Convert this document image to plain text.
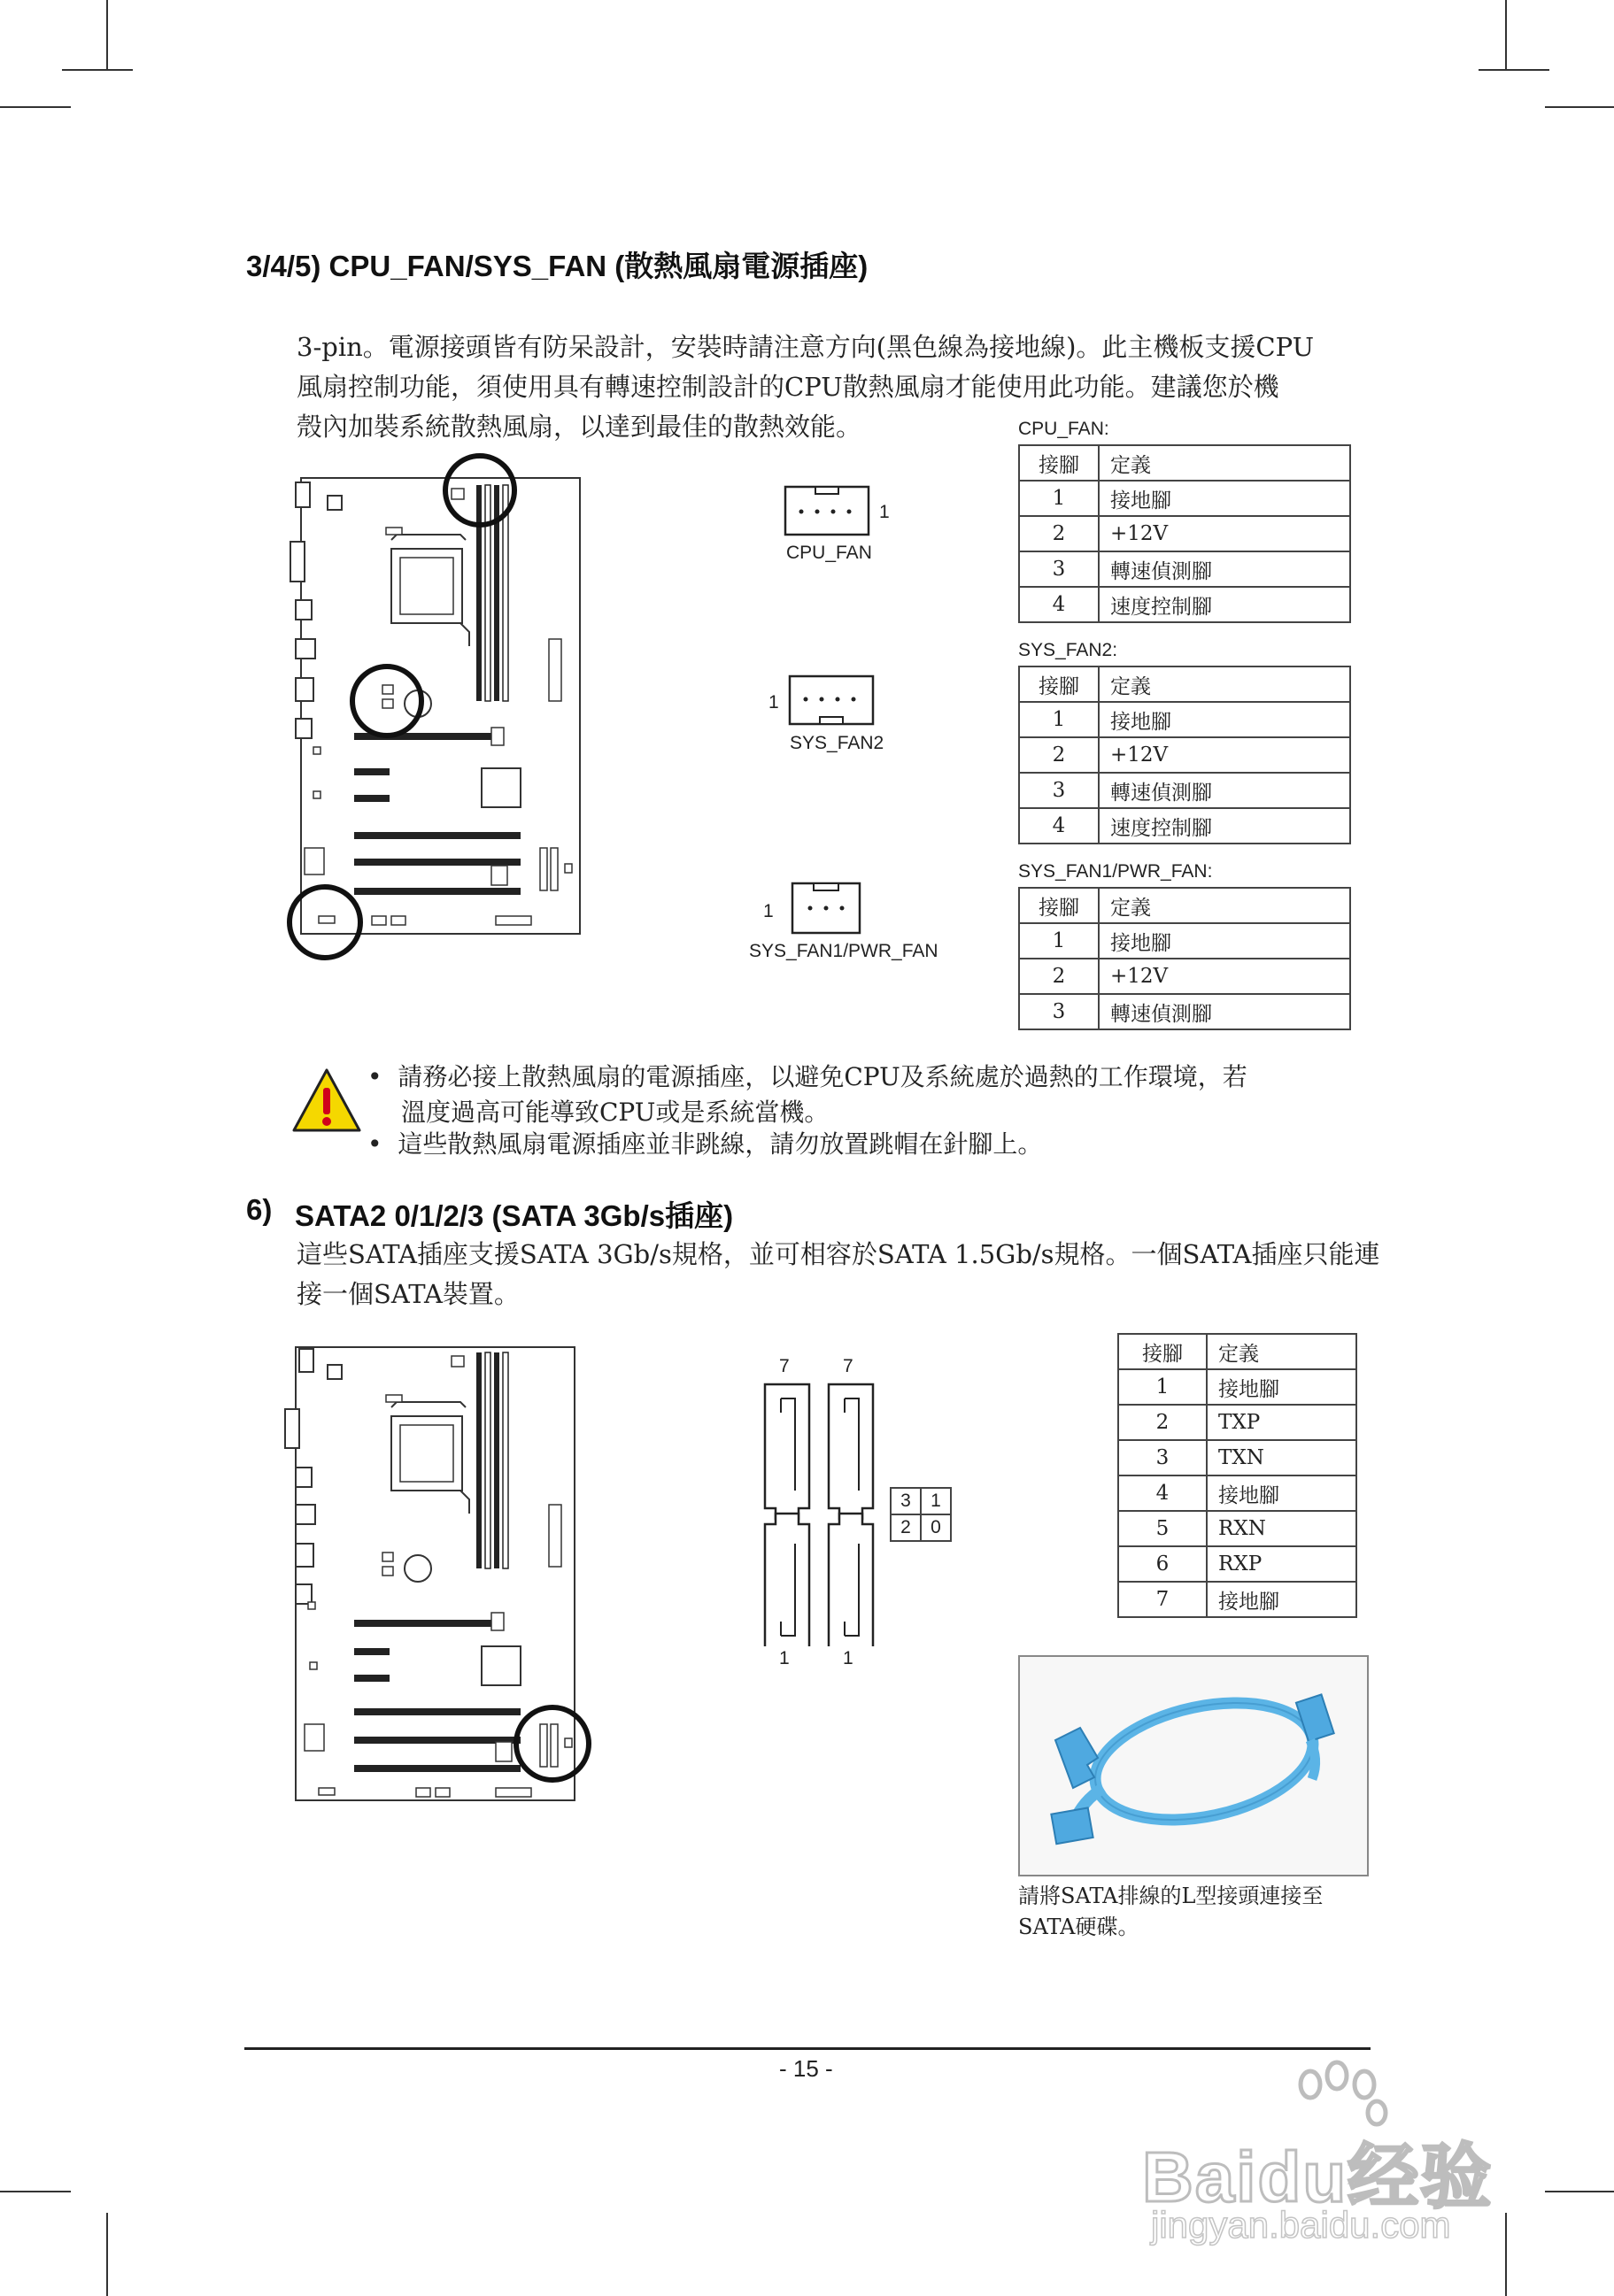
3/4/5) CPU_FAN/SYS_FAN (散熱風扇電源插座)

3-pin。電源接頭皆有防呆設計，安裝時請注意方向(黑色線為接地線)。此主機板支援CPU
風扇控制功能，須使用具有轉速控制設計的CPU散熱風扇才能使用此功能。建議您於機
殼內加裝系統散熱風扇，以達到最佳的散熱效能。
1
CPU_FAN
1
SYS_FAN2
1
SYS_FAN1/PWR_FAN
CPU_FAN:
接腳	定義
1	接地腳
2	+12V
3	轉速偵測腳
4	速度控制腳
SYS_FAN2:
接腳	定義
1	接地腳
2	+12V
3	轉速偵測腳
4	速度控制腳
SYS_FAN1/PWR_FAN:
接腳	定義
1	接地腳
2	+12V
3	轉速偵測腳
•  請務必接上散熱風扇的電源插座，以避免CPU及系統處於過熱的工作環境，若
溫度過高可能導致CPU或是系統當機。
•  這些散熱風扇電源插座並非跳線，請勿放置跳帽在針腳上。
6) SATA2 0/1/2/3 (SATA 3Gb/s插座)
這些SATA插座支援SATA 3Gb/s規格，並可相容於SATA 1.5Gb/s規格。一個SATA插座只能連
接一個SATA裝置。
7	7
1	1
3	1
2	0
接腳	定義
1	接地腳
2	TXP
3	TXN
4	接地腳
5	RXN
6	RXP
7	接地腳
請將SATA排線的L型接頭連接至
SATA硬碟。
- 15 -
Baidu经验
jingyan.baidu.com
